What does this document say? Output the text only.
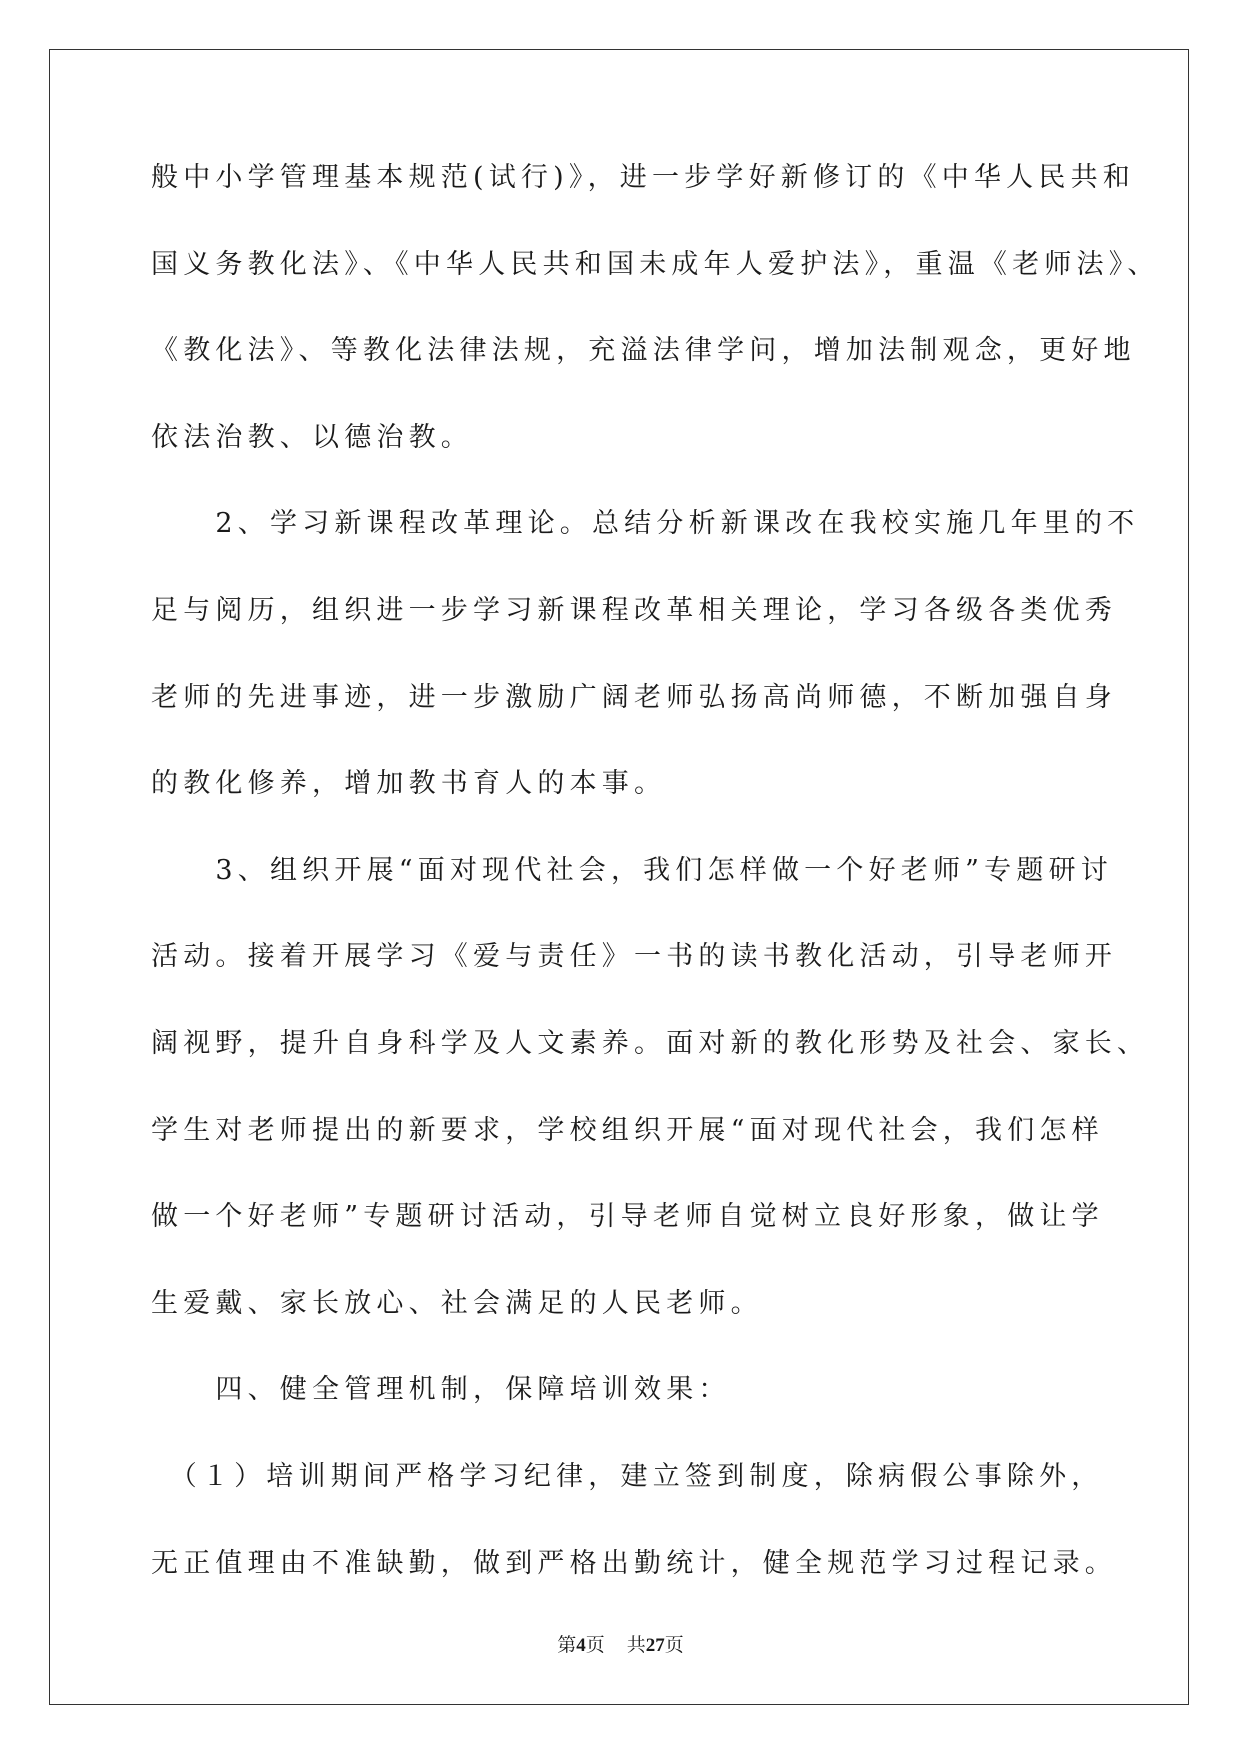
般中小学管理基本规范(试行)》，进一步学好新修订的《中华人民共和
国义务教化法》、《中华人民共和国未成年人爱护法》，重温《老师法》、
《教化法》、等教化法律法规，充溢法律学问，增加法制观念，更好地
依法治教、以德治教。
　　2、学习新课程改革理论。总结分析新课改在我校实施几年里的不
足与阅历，组织进一步学习新课程改革相关理论，学习各级各类优秀
老师的先进事迹，进一步激励广阔老师弘扬高尚师德，不断加强自身
的教化修养，增加教书育人的本事。
　　3、组织开展“面对现代社会，我们怎样做一个好老师”专题研讨
活动。接着开展学习《爱与责任》一书的读书教化活动，引导老师开
阔视野，提升自身科学及人文素养。面对新的教化形势及社会、家长、
学生对老师提出的新要求，学校组织开展“面对现代社会，我们怎样
做一个好老师”专题研讨活动，引导老师自觉树立良好形象，做让学
生爱戴、家长放心、社会满足的人民老师。
　　四、健全管理机制，保障培训效果：
　（１）培训期间严格学习纪律，建立签到制度，除病假公事除外，
无正值理由不准缺勤，做到严格出勤统计，健全规范学习过程记录。
第4页 共27页
